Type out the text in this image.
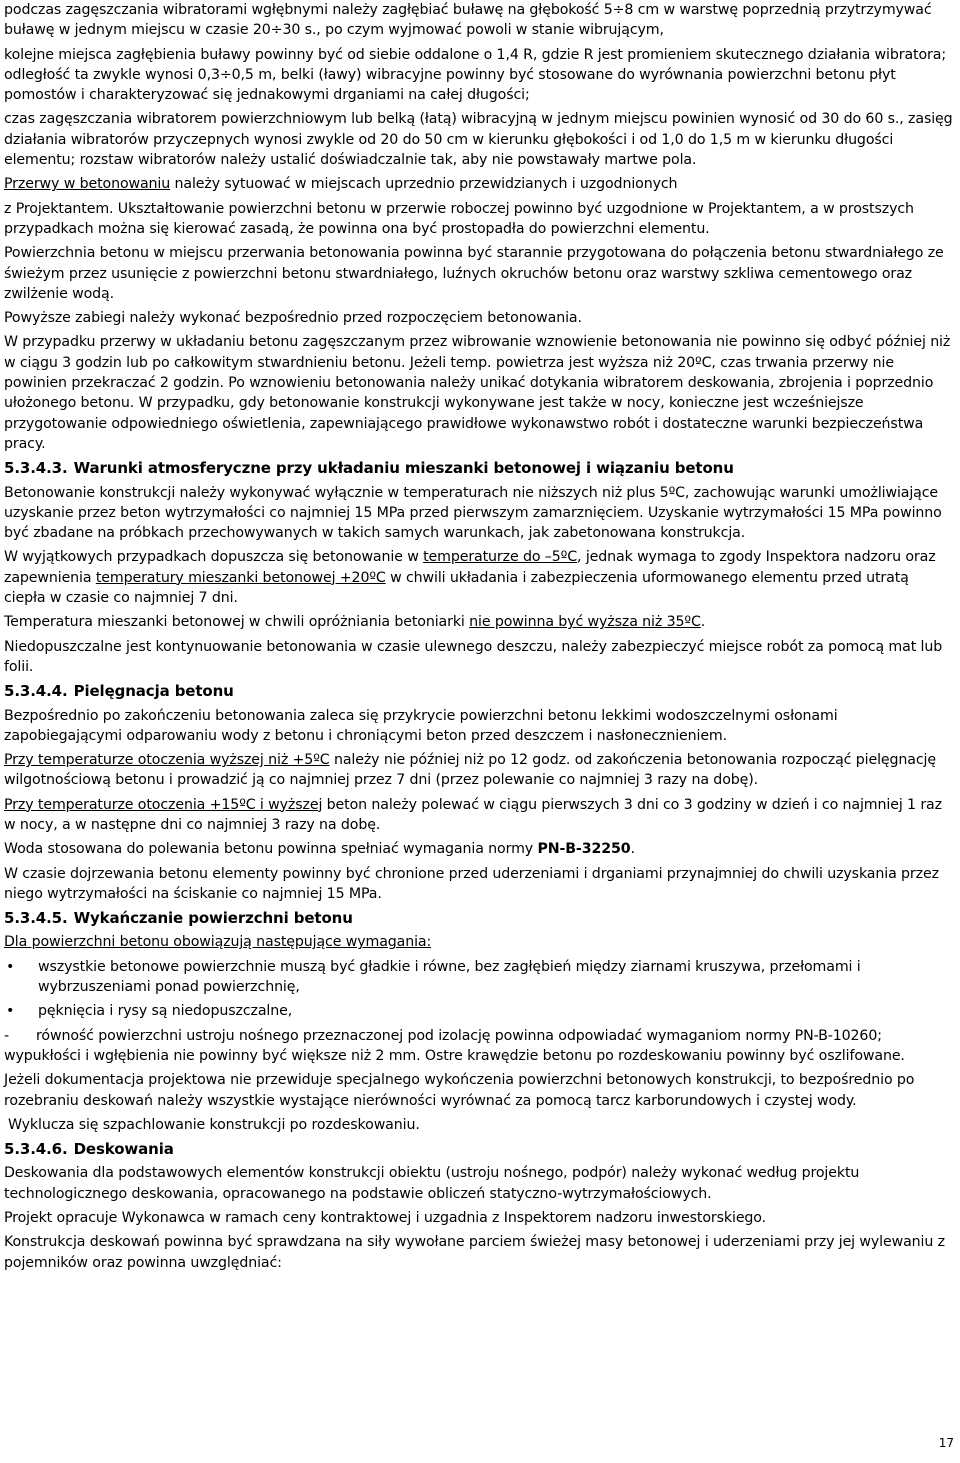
podczas zagęszczania wibratorami wgłębnymi należy zagłębiać buławę na głębokość 5÷8 cm w warstwę poprzednią przytrzymywać buławę w jednym miejscu w czasie 20÷30 s., po czym wyjmować powoli w stanie wibrującym,

kolejne miejsca zagłębienia buławy powinny być od siebie oddalone o 1,4 R, gdzie R jest promieniem skutecznego działania wibratora; odległość ta zwykle wynosi 0,3÷0,5 m, belki (ławy) wibracyjne powinny być stosowane do wyrównania powierzchni betonu płyt pomostów i charakteryzować się jednakowymi drganiami na całej długości;

czas zagęszczania wibratorem powierzchniowym lub belką (łatą) wibracyjną w jednym miejscu powinien wynosić od 30 do 60 s., zasięg działania wibratorów przyczepnych wynosi zwykle od 20 do 50 cm w kierunku głębokości i od 1,0 do 1,5 m w kierunku długości elementu; rozstaw wibratorów należy ustalić doświadczalnie tak, aby nie powstawały martwe pola.

Przerwy w betonowaniu należy sytuować w miejscach uprzednio przewidzianych i uzgodnionych

z Projektantem. Ukształtowanie powierzchni betonu w przerwie roboczej powinno być uzgodnione w Projektantem, a w prostszych przypadkach można się kierować zasadą, że powinna ona być prostopadła do powierzchni elementu.

Powierzchnia betonu w miejscu przerwania betonowania powinna być starannie przygotowana do połączenia betonu stwardniałego ze świeżym przez usunięcie z powierzchni betonu stwardniałego, luźnych okruchów betonu oraz warstwy szkliwa cementowego oraz zwilżenie wodą.

Powyższe zabiegi należy wykonać bezpośrednio przed rozpoczęciem betonowania.

W przypadku przerwy w układaniu betonu zagęszczanym przez wibrowanie wznowienie betonowania nie powinno się odbyć później niż w ciągu 3 godzin lub po całkowitym stwardnieniu betonu. Jeżeli temp. powietrza jest wyższa niż 20ºC, czas trwania przerwy nie powinien przekraczać 2 godzin. Po wznowieniu betonowania należy unikać dotykania wibratorem deskowania, zbrojenia i poprzednio ułożonego betonu. W przypadku, gdy betonowanie konstrukcji wykonywane jest także w nocy, konieczne jest wcześniejsze przygotowanie odpowiedniego oświetlenia, zapewniającego prawidłowe wykonawstwo robót i dostateczne warunki bezpieczeństwa pracy.

5.3.4.3. Warunki atmosferyczne przy układaniu mieszanki betonowej i wiązaniu betonu

Betonowanie konstrukcji należy wykonywać wyłącznie w temperaturach nie niższych niż plus 5ºC, zachowując warunki umożliwiające uzyskanie przez beton wytrzymałości co najmniej 15 MPa przed pierwszym zamarznięciem. Uzyskanie wytrzymałości 15 MPa powinno być zbadane na próbkach przechowywanych w takich samych warunkach, jak zabetonowana konstrukcja.

W wyjątkowych przypadkach dopuszcza się betonowanie w temperaturze do –5ºC, jednak wymaga to zgody Inspektora nadzoru oraz zapewnienia temperatury mieszanki betonowej +20ºC w chwili układania i zabezpieczenia uformowanego elementu przed utratą ciepła w czasie co najmniej 7 dni.

Temperatura mieszanki betonowej w chwili opróżniania betoniarki nie powinna być wyższa niż 35ºC.

Niedopuszczalne jest kontynuowanie betonowania w czasie ulewnego deszczu, należy zabezpieczyć miejsce robót za pomocą mat lub folii.

5.3.4.4. Pielęgnacja betonu

Bezpośrednio po zakończeniu betonowania zaleca się przykrycie powierzchni betonu lekkimi wodoszczelnymi osłonami zapobiegającymi odparowaniu wody z betonu i chroniącymi beton przed deszczem i nasłonecznieniem.

Przy temperaturze otoczenia wyższej niż +5ºC należy nie później niż po 12 godz. od zakończenia betonowania rozpocząć pielęgnację wilgotnościową betonu i prowadzić ją co najmniej przez 7 dni (przez polewanie co najmniej 3 razy na dobę).

Przy temperaturze otoczenia +15ºC i wyższej beton należy polewać w ciągu pierwszych 3 dni co 3 godziny w dzień i co najmniej 1 raz w nocy, a w następne dni co najmniej 3 razy na dobę.

Woda stosowana do polewania betonu powinna spełniać wymagania normy PN-B-32250.

W czasie dojrzewania betonu elementy powinny być chronione przed uderzeniami i drganiami przynajmniej do chwili uzyskania przez niego wytrzymałości na ściskanie co najmniej 15 MPa.

5.3.4.5. Wykańczanie powierzchni betonu

Dla powierzchni betonu obowiązują następujące wymagania:

• wszystkie betonowe powierzchnie muszą być gładkie i równe, bez zagłębień między ziarnami kruszywa, przełomami i wybrzuszeniami ponad powierzchnię,

• pęknięcia i rysy są niedopuszczalne,

- równość powierzchni ustroju nośnego przeznaczonej pod izolację powinna odpowiadać wymaganiom normy PN-B-10260; wypukłości i wgłębienia nie powinny być większe niż 2 mm. Ostre krawędzie betonu po rozdeskowaniu powinny być oszlifowane.

Jeżeli dokumentacja projektowa nie przewiduje specjalnego wykończenia powierzchni betonowych konstrukcji, to bezpośrednio po rozebraniu deskowań należy wszystkie wystające nierówności wyrównać za pomocą tarcz karborundowych i czystej wody.

Wyklucza się szpachlowanie konstrukcji po rozdeskowaniu.

5.3.4.6. Deskowania

Deskowania dla podstawowych elementów konstrukcji obiektu (ustroju nośnego, podpór) należy wykonać według projektu technologicznego deskowania, opracowanego na podstawie obliczeń statyczno-wytrzymałościowych.

Projekt opracuje Wykonawca w ramach ceny kontraktowej i uzgadnia z Inspektorem nadzoru inwestorskiego.

Konstrukcja deskowań powinna być sprawdzana na siły wywołane parciem świeżej masy betonowej i uderzeniami przy jej wylewaniu z pojemników oraz powinna uwzględniać:

17
